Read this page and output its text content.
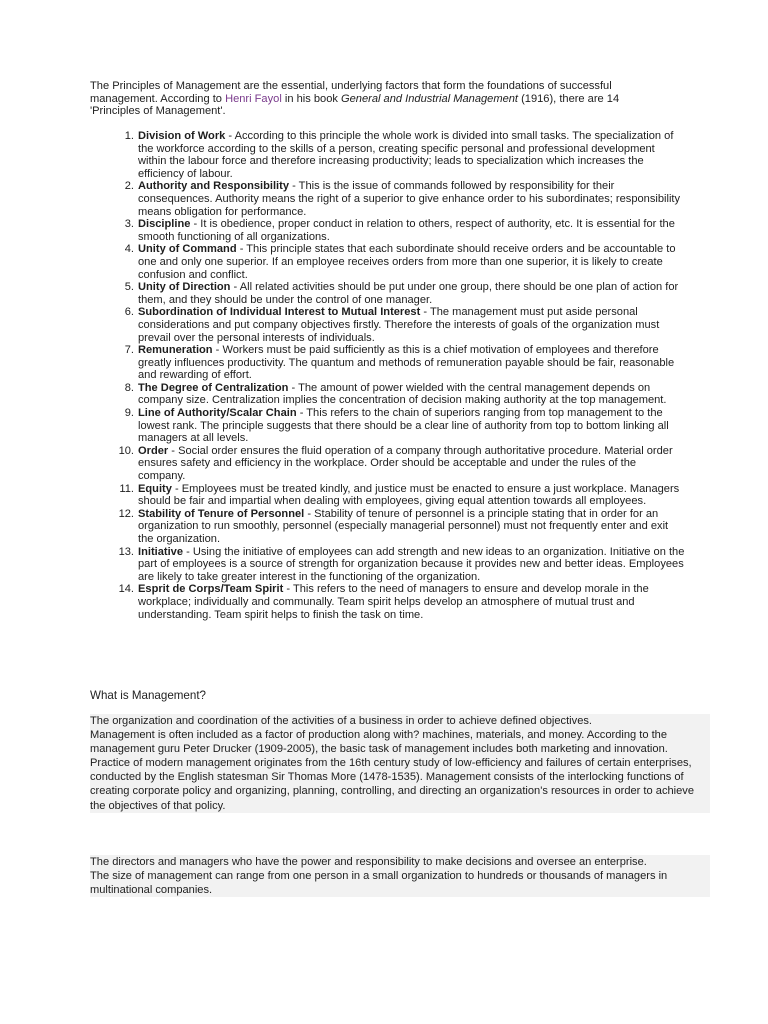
The Principles of Management are the essential, underlying factors that form the foundations of successful management. According to Henri Fayol in his book General and Industrial Management (1916), there are 14 'Principles of Management'.

1. Division of Work - According to this principle the whole work is divided into small tasks. The specialization of the workforce according to the skills of a person, creating specific personal and professional development within the labour force and therefore increasing productivity; leads to specialization which increases the efficiency of labour.
2. Authority and Responsibility - This is the issue of commands followed by responsibility for their consequences. Authority means the right of a superior to give enhance order to his subordinates; responsibility means obligation for performance.
3. Discipline - It is obedience, proper conduct in relation to others, respect of authority, etc. It is essential for the smooth functioning of all organizations.
4. Unity of Command - This principle states that each subordinate should receive orders and be accountable to one and only one superior. If an employee receives orders from more than one superior, it is likely to create confusion and conflict.
5. Unity of Direction - All related activities should be put under one group, there should be one plan of action for them, and they should be under the control of one manager.
6. Subordination of Individual Interest to Mutual Interest - The management must put aside personal considerations and put company objectives firstly. Therefore the interests of goals of the organization must prevail over the personal interests of individuals.
7. Remuneration - Workers must be paid sufficiently as this is a chief motivation of employees and therefore greatly influences productivity. The quantum and methods of remuneration payable should be fair, reasonable and rewarding of effort.
8. The Degree of Centralization - The amount of power wielded with the central management depends on company size. Centralization implies the concentration of decision making authority at the top management.
9. Line of Authority/Scalar Chain - This refers to the chain of superiors ranging from top management to the lowest rank. The principle suggests that there should be a clear line of authority from top to bottom linking all managers at all levels.
10. Order - Social order ensures the fluid operation of a company through authoritative procedure. Material order ensures safety and efficiency in the workplace. Order should be acceptable and under the rules of the company.
11. Equity - Employees must be treated kindly, and justice must be enacted to ensure a just workplace. Managers should be fair and impartial when dealing with employees, giving equal attention towards all employees.
12. Stability of Tenure of Personnel - Stability of tenure of personnel is a principle stating that in order for an organization to run smoothly, personnel (especially managerial personnel) must not frequently enter and exit the organization.
13. Initiative - Using the initiative of employees can add strength and new ideas to an organization. Initiative on the part of employees is a source of strength for organization because it provides new and better ideas. Employees are likely to take greater interest in the functioning of the organization.
14. Esprit de Corps/Team Spirit - This refers to the need of managers to ensure and develop morale in the workplace; individually and communally. Team spirit helps develop an atmosphere of mutual trust and understanding. Team spirit helps to finish the task on time.
What is Management?
The organization and coordination of the activities of a business in order to achieve defined objectives.
Management is often included as a factor of production along with? machines, materials, and money. According to the management guru Peter Drucker (1909-2005), the basic task of management includes both marketing and innovation. Practice of modern management originates from the 16th century study of low-efficiency and failures of certain enterprises, conducted by the English statesman Sir Thomas More (1478-1535). Management consists of the interlocking functions of creating corporate policy and organizing, planning, controlling, and directing an organization's resources in order to achieve the objectives of that policy.
The directors and managers who have the power and responsibility to make decisions and oversee an enterprise.
The size of management can range from one person in a small organization to hundreds or thousands of managers in multinational companies.
